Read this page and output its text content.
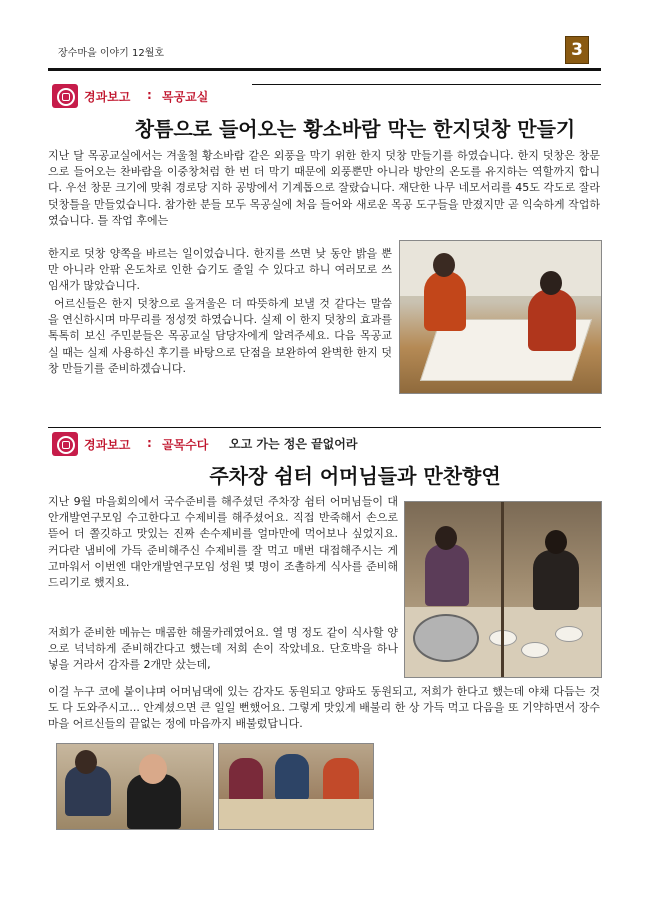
장수마을 이야기 12월호	3
경과보고 : 목공교실
창틈으로 들어오는 황소바람 막는 한지덧창 만들기

지난 달 목공교실에서는 겨울철 황소바람 같은 외풍을 막기 위한 한지 덧창 만들기를 하였습니다. 한지 덧창은 창문으로 들어오는 찬바람을 이중창처럼 한 번 더 막기 때문에 외풍뿐만 아니라 방안의 온도를 유지하는 역할까지 합니다. 우선 창문 크기에 맞춰 경로당 지하 공방에서 기계톱으로 잘랐습니다. 재단한 나무 네모서리를 45도 각도로 잘라 덧창틀을 만들었습니다. 참가한 분들 모두 목공실에 처음 들어와 새로운 목공 도구들을 만졌지만 곧 익숙하게 작업하였습니다. 틀 작업 후에는

한지로 덧창 양쪽을 바르는 일이었습니다. 한지를 쓰면 낮 동안 밝을 뿐만 아니라 안팎 온도차로 인한 습기도 줄일 수 있다고 하니 여러모로 쓰임새가 많았습니다.

어르신들은 한지 덧창으로 올겨울은 더 따뜻하게 보낼 것 같다는 말씀을 연신하시며 마무리를 정성껏 하였습니다. 실제 이 한지 덧창의 효과를 톡톡히 보신 주민분들은 목공교실 담당자에게 알려주세요. 다음 목공교실 때는 실제 사용하신 후기를 바탕으로 단점을 보완하여 완벽한 한지 덧창 만들기를 준비하겠습니다.

경과보고 : 골목수다 오고 가는 정은 끝없어라
주차장 쉼터 어머님들과 만찬향연

지난 9월 마을회의에서 국수준비를 해주셨던 주차장 쉼터 어머님들이 대안개발연구모임 수고한다고 수제비를 해주셨어요. 직접 반죽해서 손으로 뜯어 더 쫄깃하고 맛있는 진짜 손수제비를 얼마만에 먹어보나 싶었지요. 커다란 냄비에 가득 준비해주신 수제비를 잘 먹고 매번 대접해주시는 게 고마워서 이번엔 대안개발연구모임 성원 몇 명이 조촐하게 식사를 준비해드리기로 했지요.

저희가 준비한 메뉴는 매콤한 해물카레였어요. 열 명 정도 같이 식사할 양으로 넉넉하게 준비해간다고 했는데 저희 손이 작았네요. 단호박을 하나 넣을 거라서 감자를 2개만 샀는데,

이걸 누구 코에 붙이냐며 어머님댁에 있는 감자도 동원되고 양파도 동원되고, 저희가 한다고 했는데 야채 다듬는 것도 다 도와주시고... 안계셨으면 큰 일일 뻔했어요. 그렇게 맛있게 배불리 한 상 가득 먹고 다음을 또 기약하면서 장수마을 어르신들의 끝없는 정에 마음까지 배불렀답니다.
